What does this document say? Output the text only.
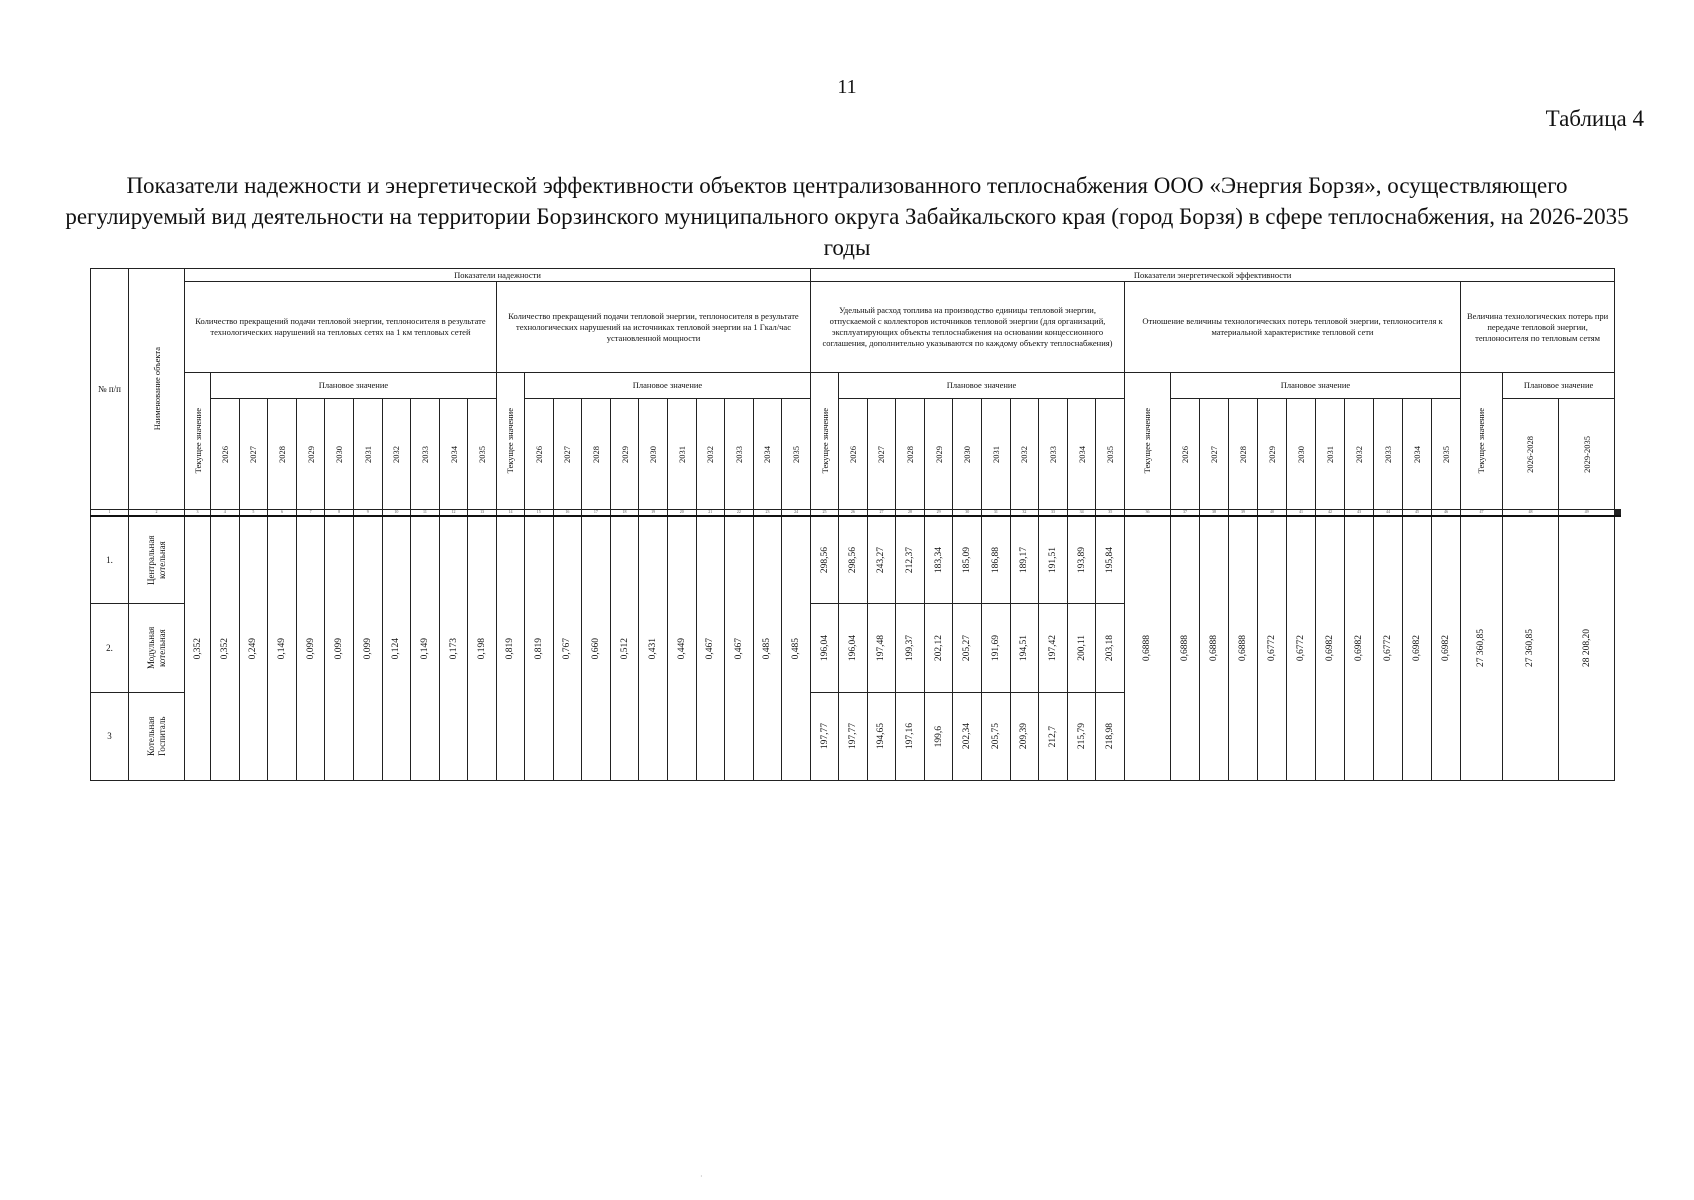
11
Таблица 4
Показатели надежности и энергетической эффективности объектов централизованного теплоснабжения ООО «Энергия Борзя», осуществляющего регулируемый вид деятельности на территории Борзинского муниципального округа Забайкальского края (город Борзя) в сфере теплоснабжения, на 2026-2035 годы
№ п/п	Наименование объекта	Показатели надежности																						Показатели энергетической эффективности																											
		Количество прекращений подачи тепловой энергии, теплоносителя в результате технологических нарушений на тепловых сетях на 1 км тепловых сетей											Количество прекращений подачи тепловой энергии, теплоносителя в результате технологических нарушений на источниках тепловой энергии на 1 Гкал/час установленной мощности											Удельный расход топлива на производство единицы тепловой энергии, отпускаемой с коллекторов источников тепловой энергии (для организаций, эксплуатирующих объекты теплоснабжения на основании концессионного соглашения, дополнительно указываются по каждому объекту теплоснабжения)											Отношение величины технологических потерь тепловой энергии, теплоносителя к материальной характеристике тепловой сети											Величина технологических потерь при передаче тепловой энергии, теплоносителя по тепловым сетям					

		Текущее значение	Плановое значение										Текущее значение	Плановое значение										Текущее значение	Плановое значение										Текущее значение	Плановое значение										Текущее значение	Плановое значение				

			2026	2027	2028	2029	2030	2031	2032	2033	2034	2035		2026	2027	2028	2029	2030	2031	2032	2033	2034	2035		2026	2027	2028	2029	2030	2031	2032	2033	2034	2035		2026	2027	2028	2029	2030	2031	2032	2033	2034	2035		2026-2028	2029-2035			

1	2	3	4	5	6	7	8	9	10	11	12	13	14	15	16	17	18	19	20	21	22	23	24	25	26	27	28	29	30	31	32	33	34	35	36	37	38	39	40	41	42	43	44	45	46	47	48	49								
1.	Центральная котельная	0,352	0,352	0,249	0,149	0,099	0,099	0,099	0,124	0,149	0,173	0,198	0,819	0,819	0,767	0,660	0,512	0,431	0,449	0,467	0,467	0,485	0,485	298,56	298,56	243,27	212,37	183,34	185,09	186,88	189,17	191,51	193,89	195,84	0,6888	0,6888	0,6888	0,6888	0,6772	0,6772	0,6982	0,6982	0,6772	0,6982	0,6982	27 360,85	27 360,85	28 208,20			

2.	Модульная котельная																							196,04	196,04	197,48	199,37	202,12	205,27	191,69	194,51	197,42	200,11	203,18																	

3	Котельная Госпиталь																							197,77	197,77	194,65	197,16	199,6	202,34	205,75	209,39	212,7	215,79	218,98																	
·
